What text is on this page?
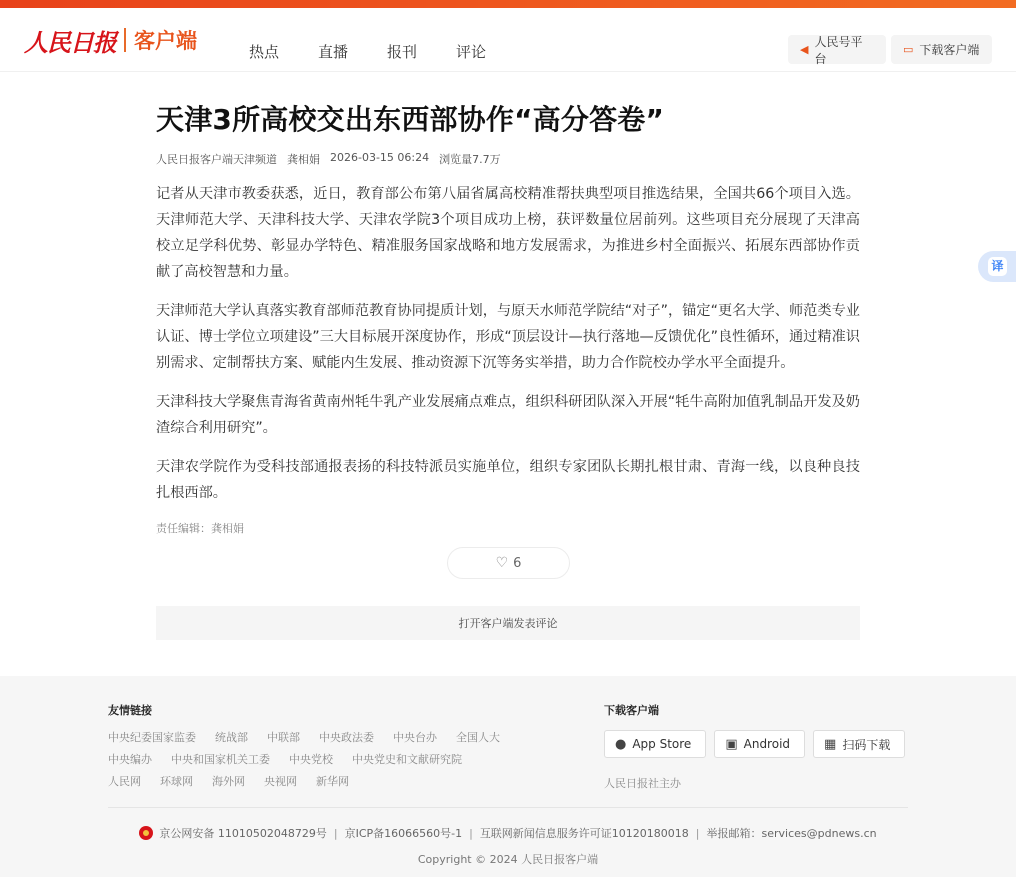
人民日报 客户端	热点	直播	报刊	评论	◀
人民号平台
▭ 下载客户端
译
天津3所高校交出东西部协作“高分答卷”
人民日报客户端天津频道 龚相娟 2026-03-15 06:24 浏览量7.7万

记者从天津市教委获悉，近日，教育部公布第八届省属高校精准帮扶典型项目推选结果，全国共66个项目入选。天津师范大学、天津科技大学、天津农学院3个项目成功上榜，获评数量位居前列。这些项目充分展现了天津高校立足学科优势、彰显办学特色、精准服务国家战略和地方发展需求，为推进乡村全面振兴、拓展东西部协作贡献了高校智慧和力量。

天津师范大学认真落实教育部师范教育协同提质计划，与原天水师范学院结“对子”，锚定“更名大学、师范类专业认证、博士学位立项建设”三大目标展开深度协作，形成“顶层设计—执行落地—反馈优化”良性循环，通过精准识别需求、定制帮扶方案、赋能内生发展、推动资源下沉等务实举措，助力合作院校办学水平全面提升。

天津科技大学聚焦青海省黄南州牦牛乳产业发展痛点难点，组织科研团队深入开展“牦牛高附加值乳制品开发及奶渣综合利用研究”。

天津农学院作为受科技部通报表扬的科技特派员实施单位，组织专家团队长期扎根甘肃、青海一线，以良种良技扎根西部。

责任编辑：龚相娟
♡ 6
打开客户端发表评论
友情链接
中央纪委国家监委 统战部 中联部 中央政法委 中央台办 全国人大
中央编办 中央和国家机关工委 中央党校 中央党史和文献研究院
人民网 环球网 海外网 央视网 新华网
下载客户端
● App Store	▣ Android	▦ 扫码下载
人民日报社主办
京公网安备 11010502048729号 | 京ICP备16066560号-1 | 互联网新闻信息服务许可证10120180018 | 举报邮箱：services@pdnews.cn
Copyright © 2024 人民日报客户端
